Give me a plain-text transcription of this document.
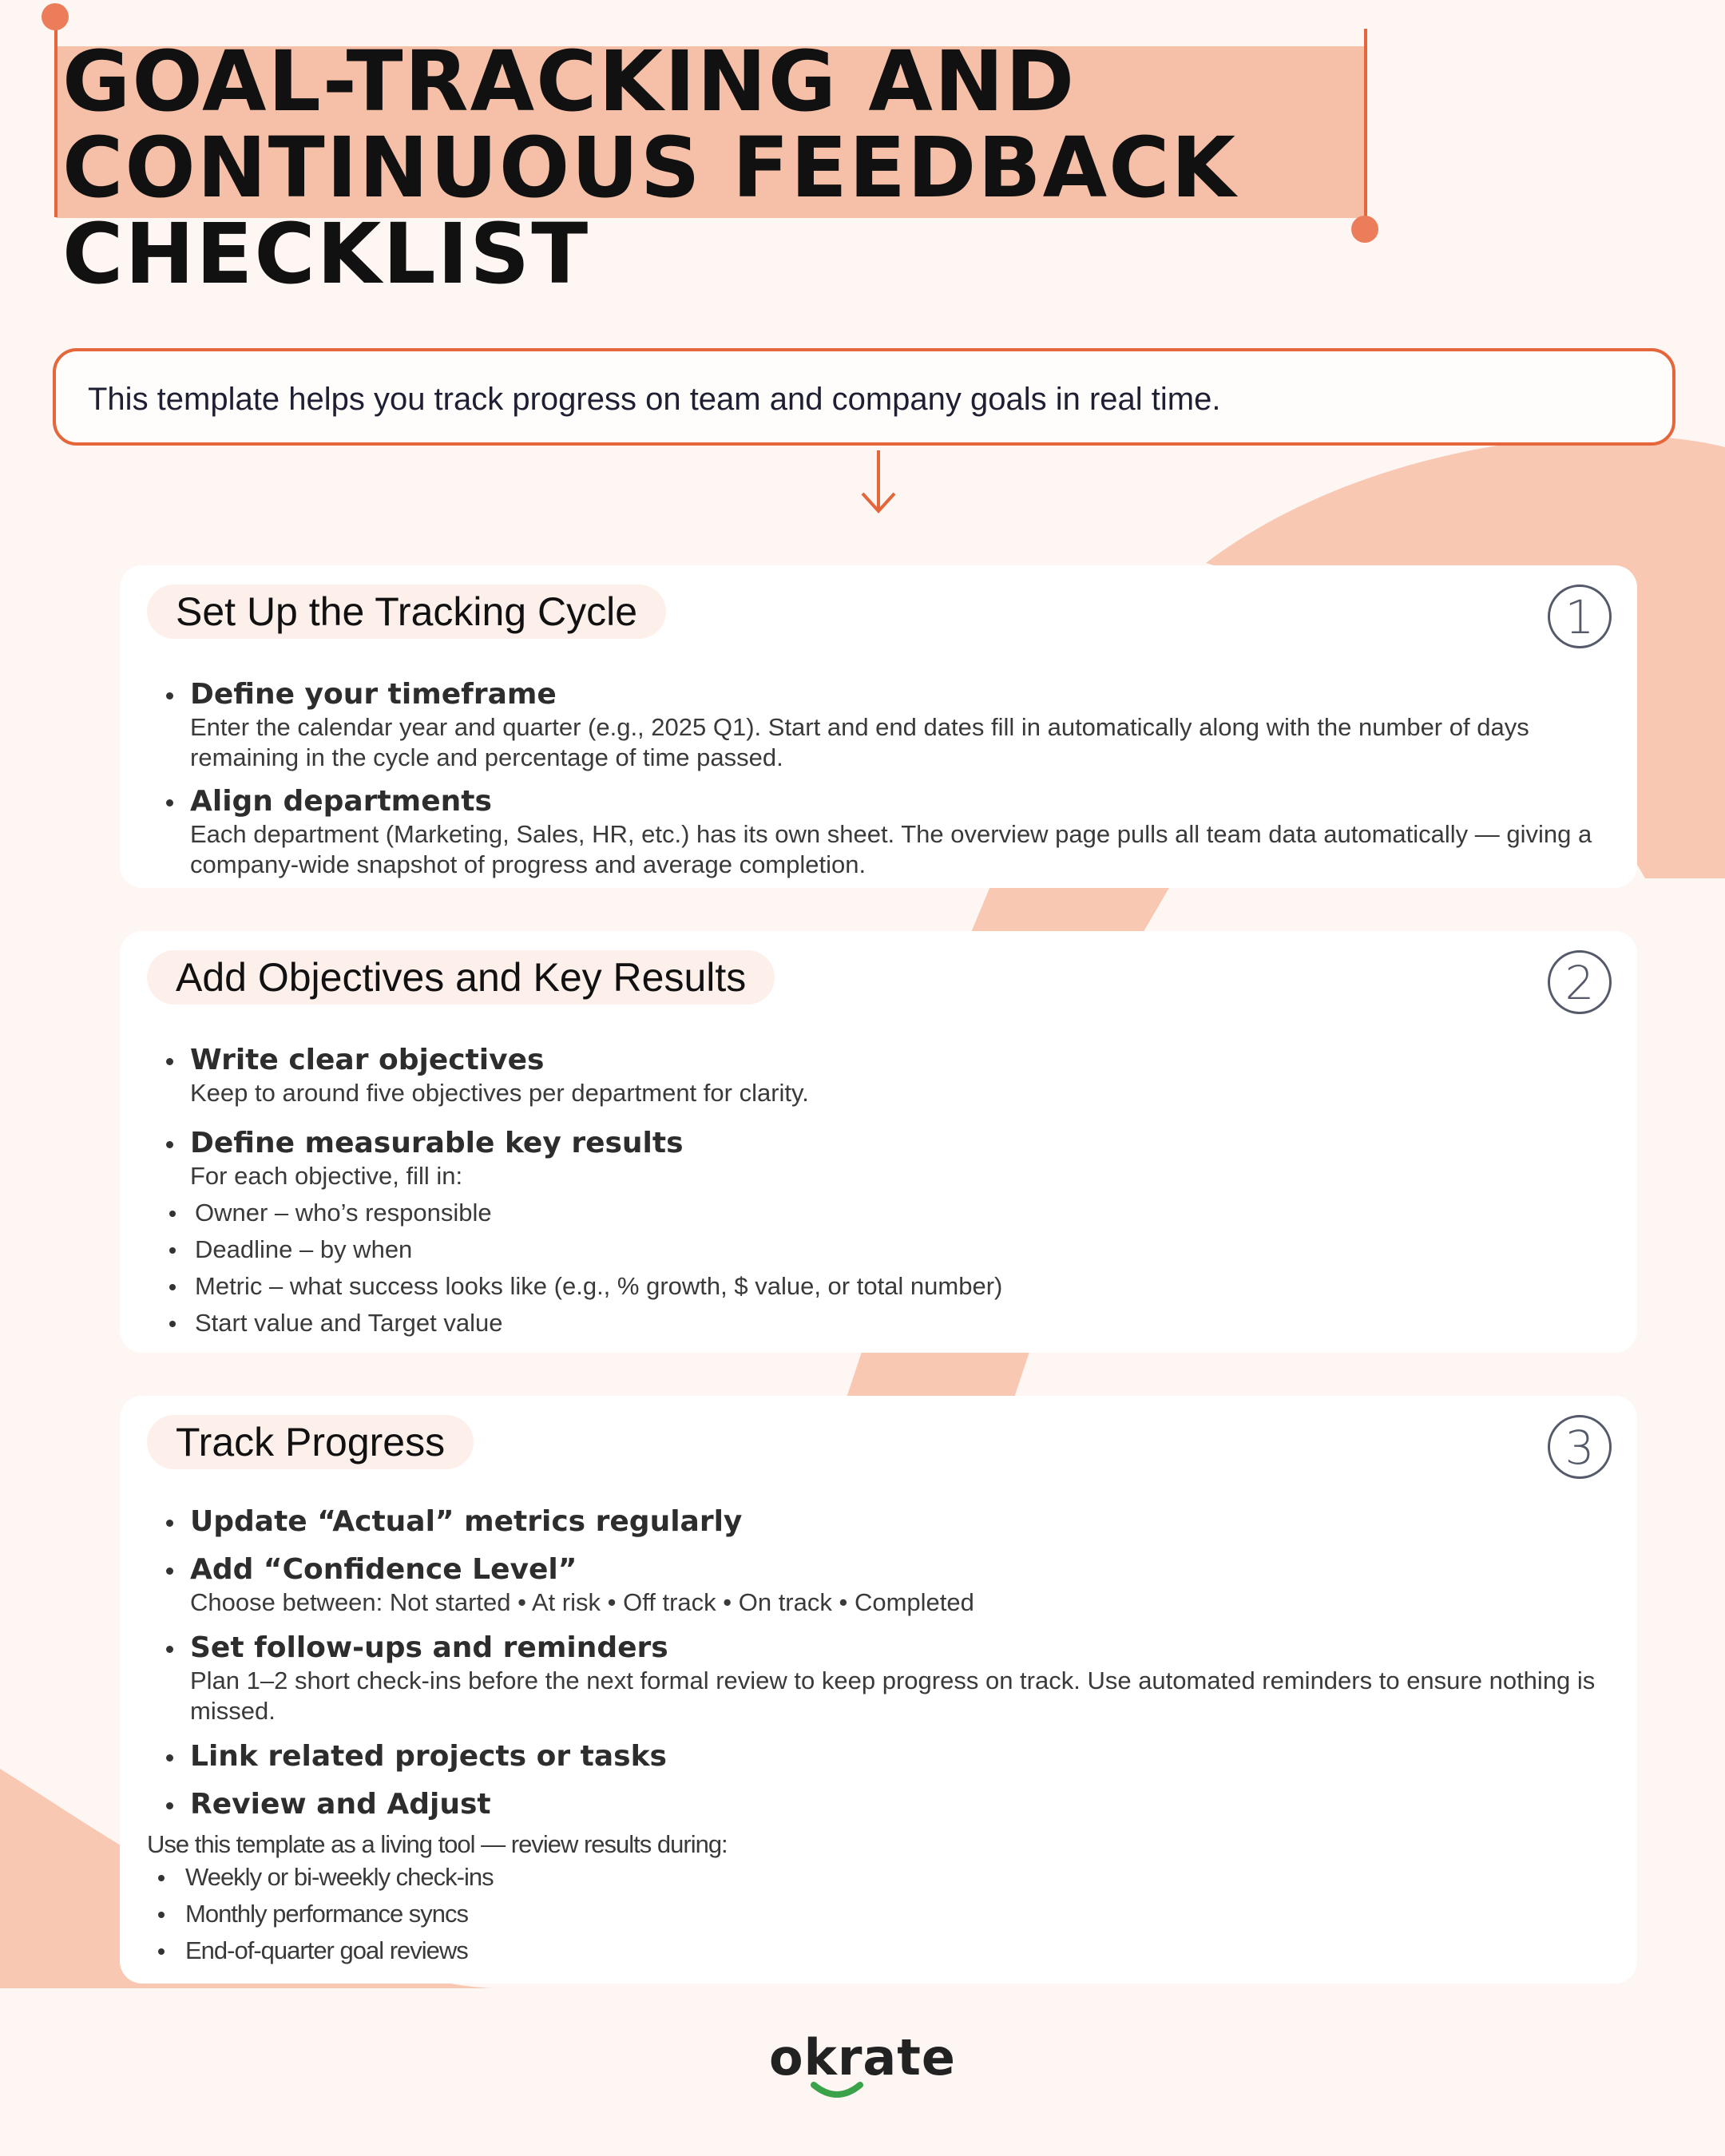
GOAL-TRACKING AND
CONTINUOUS FEEDBACK
CHECKLIST
This template helps you track progress on team and company goals in real time.
Set Up the Tracking Cycle	1
Define your timeframe
Enter the calendar year and quarter (e.g., 2025 Q1). Start and end dates fill in automatically along with the number of days remaining in the cycle and percentage of time passed.
Align departments
Each department (Marketing, Sales, HR, etc.) has its own sheet. The overview page pulls all team data automatically — giving a company-wide snapshot of progress and average completion.
Add Objectives and Key Results	2
Write clear objectives
Keep to around five objectives per department for clarity.
Define measurable key results
For each objective, fill in:
Owner – who’s responsible
Deadline – by when
Metric – what success looks like (e.g., % growth, $ value, or total number)
Start value and Target value
Track Progress	3
Update “Actual” metrics regularly
Add “Confidence Level”
Choose between: Not started • At risk • Off track • On track • Completed
Set follow-ups and reminders
Plan 1–2 short check-ins before the next formal review to keep progress on track. Use automated reminders to ensure nothing is missed.
Link related projects or tasks
Review and Adjust
Use this template as a living tool — review results during:
Weekly or bi-weekly check-ins
Monthly performance syncs
End-of-quarter goal reviews
okrate
